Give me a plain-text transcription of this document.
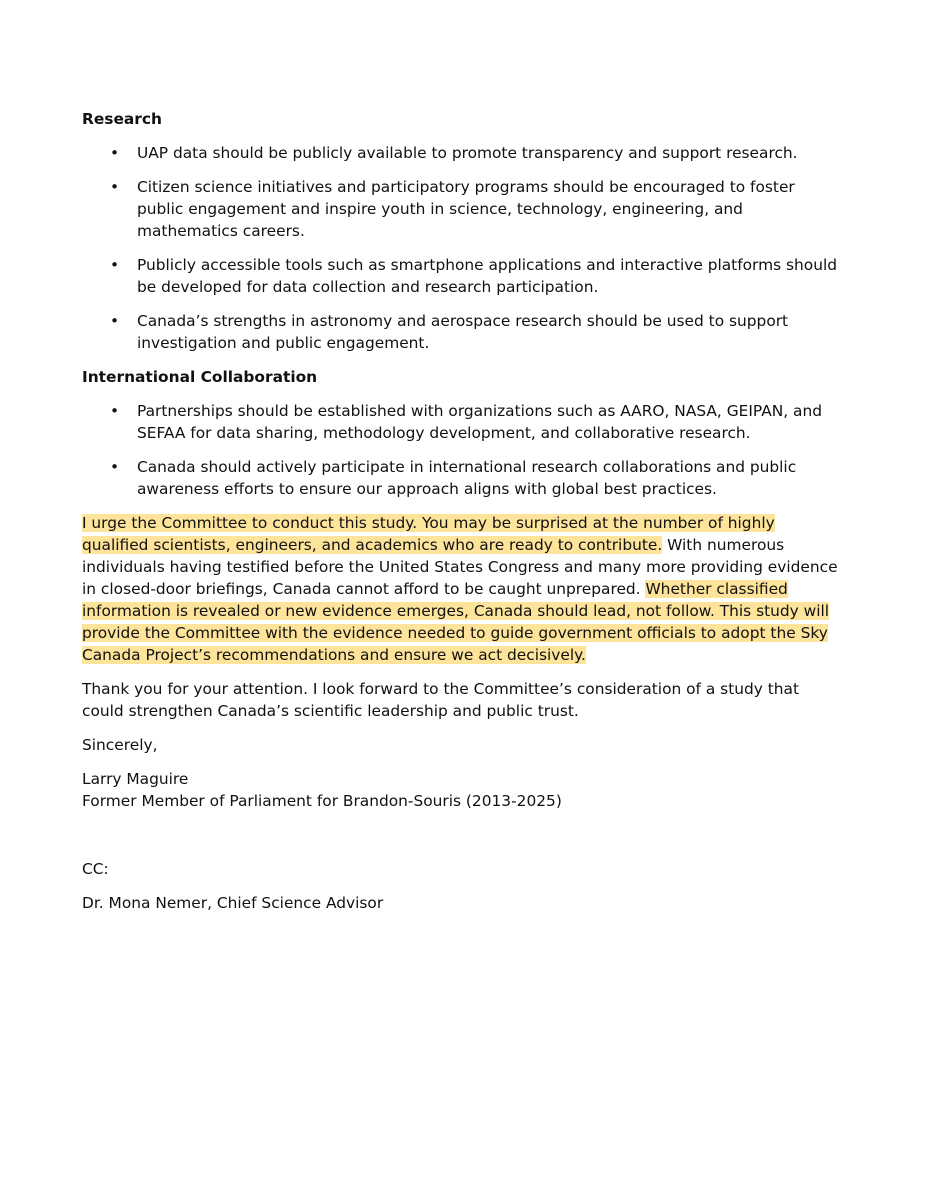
Research
• UAP data should be publicly available to promote transparency and support research.
• Citizen science initiatives and participatory programs should be encouraged to foster public engagement and inspire youth in science, technology, engineering, and mathematics careers.
• Publicly accessible tools such as smartphone applications and interactive platforms should be developed for data collection and research participation.
• Canada’s strengths in astronomy and aerospace research should be used to support investigation and public engagement.
International Collaboration
• Partnerships should be established with organizations such as AARO, NASA, GEIPAN, and SEFAA for data sharing, methodology development, and collaborative research.
• Canada should actively participate in international research collaborations and public awareness efforts to ensure our approach aligns with global best practices.

I urge the Committee to conduct this study. You may be surprised at the number of highly qualified scientists, engineers, and academics who are ready to contribute. With numerous individuals having testified before the United States Congress and many more providing evidence in closed-door briefings, Canada cannot afford to be caught unprepared. Whether classified information is revealed or new evidence emerges, Canada should lead, not follow. This study will provide the Committee with the evidence needed to guide government officials to adopt the Sky Canada Project’s recommendations and ensure we act decisively.

Thank you for your attention. I look forward to the Committee’s consideration of a study that could strengthen Canada’s scientific leadership and public trust.

Sincerely,

Larry Maguire
Former Member of Parliament for Brandon-Souris (2013-2025)

CC:

Dr. Mona Nemer, Chief Science Advisor
